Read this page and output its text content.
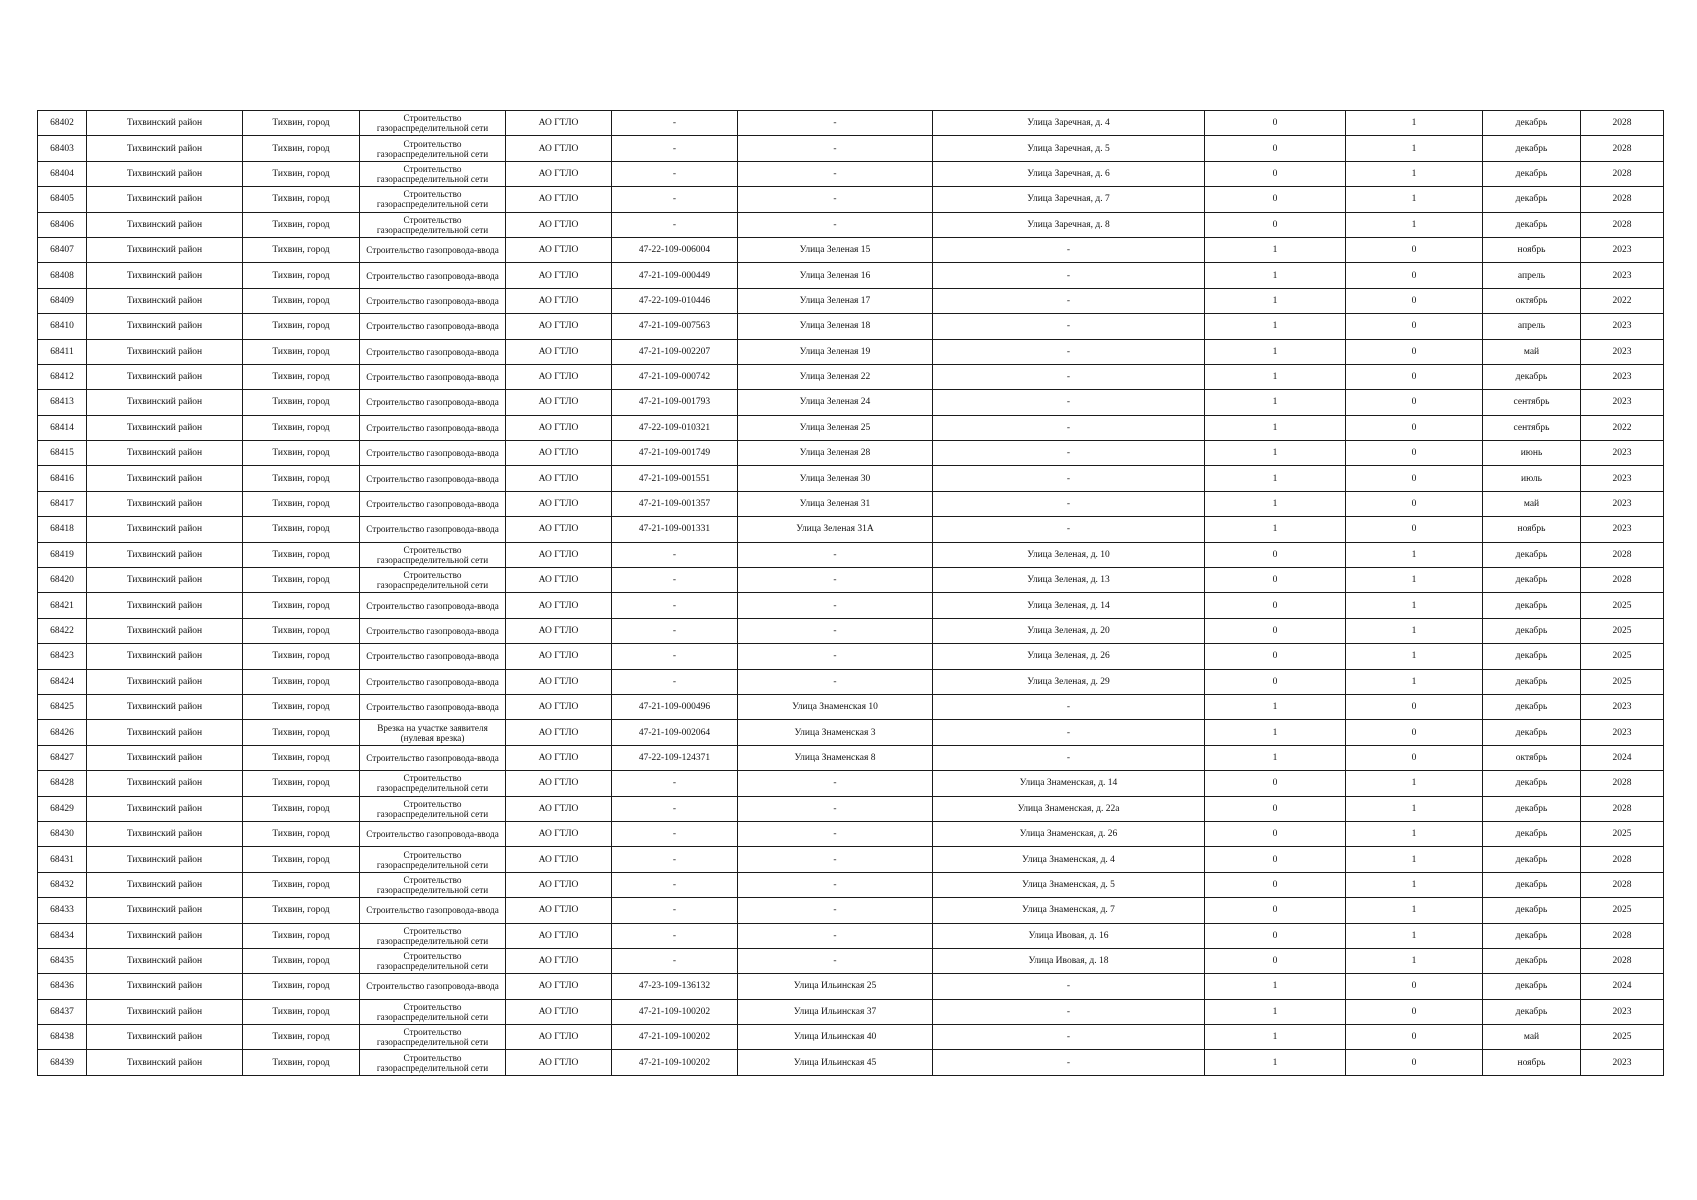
68402	Тихвинский район	Тихвин, город	Строительство газораспределительной сети	АО ГТЛО	-	-	Улица Заречная, д. 4	0	1	декабрь	2028
68403	Тихвинский район	Тихвин, город	Строительство газораспределительной сети	АО ГТЛО	-	-	Улица Заречная, д. 5	0	1	декабрь	2028
68404	Тихвинский район	Тихвин, город	Строительство газораспределительной сети	АО ГТЛО	-	-	Улица Заречная, д. 6	0	1	декабрь	2028
68405	Тихвинский район	Тихвин, город	Строительство газораспределительной сети	АО ГТЛО	-	-	Улица Заречная, д. 7	0	1	декабрь	2028
68406	Тихвинский район	Тихвин, город	Строительство газораспределительной сети	АО ГТЛО	-	-	Улица Заречная, д. 8	0	1	декабрь	2028
68407	Тихвинский район	Тихвин, город	Строительство газопровода-ввода	АО ГТЛО	47-22-109-006004	Улица Зеленая 15	-	1	0	ноябрь	2023
68408	Тихвинский район	Тихвин, город	Строительство газопровода-ввода	АО ГТЛО	47-21-109-000449	Улица Зеленая 16	-	1	0	апрель	2023
68409	Тихвинский район	Тихвин, город	Строительство газопровода-ввода	АО ГТЛО	47-22-109-010446	Улица Зеленая 17	-	1	0	октябрь	2022
68410	Тихвинский район	Тихвин, город	Строительство газопровода-ввода	АО ГТЛО	47-21-109-007563	Улица Зеленая 18	-	1	0	апрель	2023
68411	Тихвинский район	Тихвин, город	Строительство газопровода-ввода	АО ГТЛО	47-21-109-002207	Улица Зеленая 19	-	1	0	май	2023
68412	Тихвинский район	Тихвин, город	Строительство газопровода-ввода	АО ГТЛО	47-21-109-000742	Улица Зеленая 22	-	1	0	декабрь	2023
68413	Тихвинский район	Тихвин, город	Строительство газопровода-ввода	АО ГТЛО	47-21-109-001793	Улица Зеленая 24	-	1	0	сентябрь	2023
68414	Тихвинский район	Тихвин, город	Строительство газопровода-ввода	АО ГТЛО	47-22-109-010321	Улица Зеленая 25	-	1	0	сентябрь	2022
68415	Тихвинский район	Тихвин, город	Строительство газопровода-ввода	АО ГТЛО	47-21-109-001749	Улица Зеленая 28	-	1	0	июнь	2023
68416	Тихвинский район	Тихвин, город	Строительство газопровода-ввода	АО ГТЛО	47-21-109-001551	Улица Зеленая 30	-	1	0	июль	2023
68417	Тихвинский район	Тихвин, город	Строительство газопровода-ввода	АО ГТЛО	47-21-109-001357	Улица Зеленая 31	-	1	0	май	2023
68418	Тихвинский район	Тихвин, город	Строительство газопровода-ввода	АО ГТЛО	47-21-109-001331	Улица Зеленая 31А	-	1	0	ноябрь	2023
68419	Тихвинский район	Тихвин, город	Строительство газораспределительной сети	АО ГТЛО	-	-	Улица Зеленая, д. 10	0	1	декабрь	2028
68420	Тихвинский район	Тихвин, город	Строительство газораспределительной сети	АО ГТЛО	-	-	Улица Зеленая, д. 13	0	1	декабрь	2028
68421	Тихвинский район	Тихвин, город	Строительство газопровода-ввода	АО ГТЛО	-	-	Улица Зеленая, д. 14	0	1	декабрь	2025
68422	Тихвинский район	Тихвин, город	Строительство газопровода-ввода	АО ГТЛО	-	-	Улица Зеленая, д. 20	0	1	декабрь	2025
68423	Тихвинский район	Тихвин, город	Строительство газопровода-ввода	АО ГТЛО	-	-	Улица Зеленая, д. 26	0	1	декабрь	2025
68424	Тихвинский район	Тихвин, город	Строительство газопровода-ввода	АО ГТЛО	-	-	Улица Зеленая, д. 29	0	1	декабрь	2025
68425	Тихвинский район	Тихвин, город	Строительство газопровода-ввода	АО ГТЛО	47-21-109-000496	Улица Знаменская 10	-	1	0	декабрь	2023
68426	Тихвинский район	Тихвин, город	Врезка на участке заявителя (нулевая врезка)	АО ГТЛО	47-21-109-002064	Улица Знаменская 3	-	1	0	декабрь	2023
68427	Тихвинский район	Тихвин, город	Строительство газопровода-ввода	АО ГТЛО	47-22-109-124371	Улица Знаменская 8	-	1	0	октябрь	2024
68428	Тихвинский район	Тихвин, город	Строительство газораспределительной сети	АО ГТЛО	-	-	Улица Знаменская, д. 14	0	1	декабрь	2028
68429	Тихвинский район	Тихвин, город	Строительство газораспределительной сети	АО ГТЛО	-	-	Улица Знаменская, д. 22а	0	1	декабрь	2028
68430	Тихвинский район	Тихвин, город	Строительство газопровода-ввода	АО ГТЛО	-	-	Улица Знаменская, д. 26	0	1	декабрь	2025
68431	Тихвинский район	Тихвин, город	Строительство газораспределительной сети	АО ГТЛО	-	-	Улица Знаменская, д. 4	0	1	декабрь	2028
68432	Тихвинский район	Тихвин, город	Строительство газораспределительной сети	АО ГТЛО	-	-	Улица Знаменская, д. 5	0	1	декабрь	2028
68433	Тихвинский район	Тихвин, город	Строительство газопровода-ввода	АО ГТЛО	-	-	Улица Знаменская, д. 7	0	1	декабрь	2025
68434	Тихвинский район	Тихвин, город	Строительство газораспределительной сети	АО ГТЛО	-	-	Улица Ивовая, д. 16	0	1	декабрь	2028
68435	Тихвинский район	Тихвин, город	Строительство газораспределительной сети	АО ГТЛО	-	-	Улица Ивовая, д. 18	0	1	декабрь	2028
68436	Тихвинский район	Тихвин, город	Строительство газопровода-ввода	АО ГТЛО	47-23-109-136132	Улица Ильинская 25	-	1	0	декабрь	2024
68437	Тихвинский район	Тихвин, город	Строительство газораспределительной сети	АО ГТЛО	47-21-109-100202	Улица Ильинская 37	-	1	0	декабрь	2023
68438	Тихвинский район	Тихвин, город	Строительство газораспределительной сети	АО ГТЛО	47-21-109-100202	Улица Ильинская 40	-	1	0	май	2025
68439	Тихвинский район	Тихвин, город	Строительство газораспределительной сети	АО ГТЛО	47-21-109-100202	Улица Ильинская 45	-	1	0	ноябрь	2023
